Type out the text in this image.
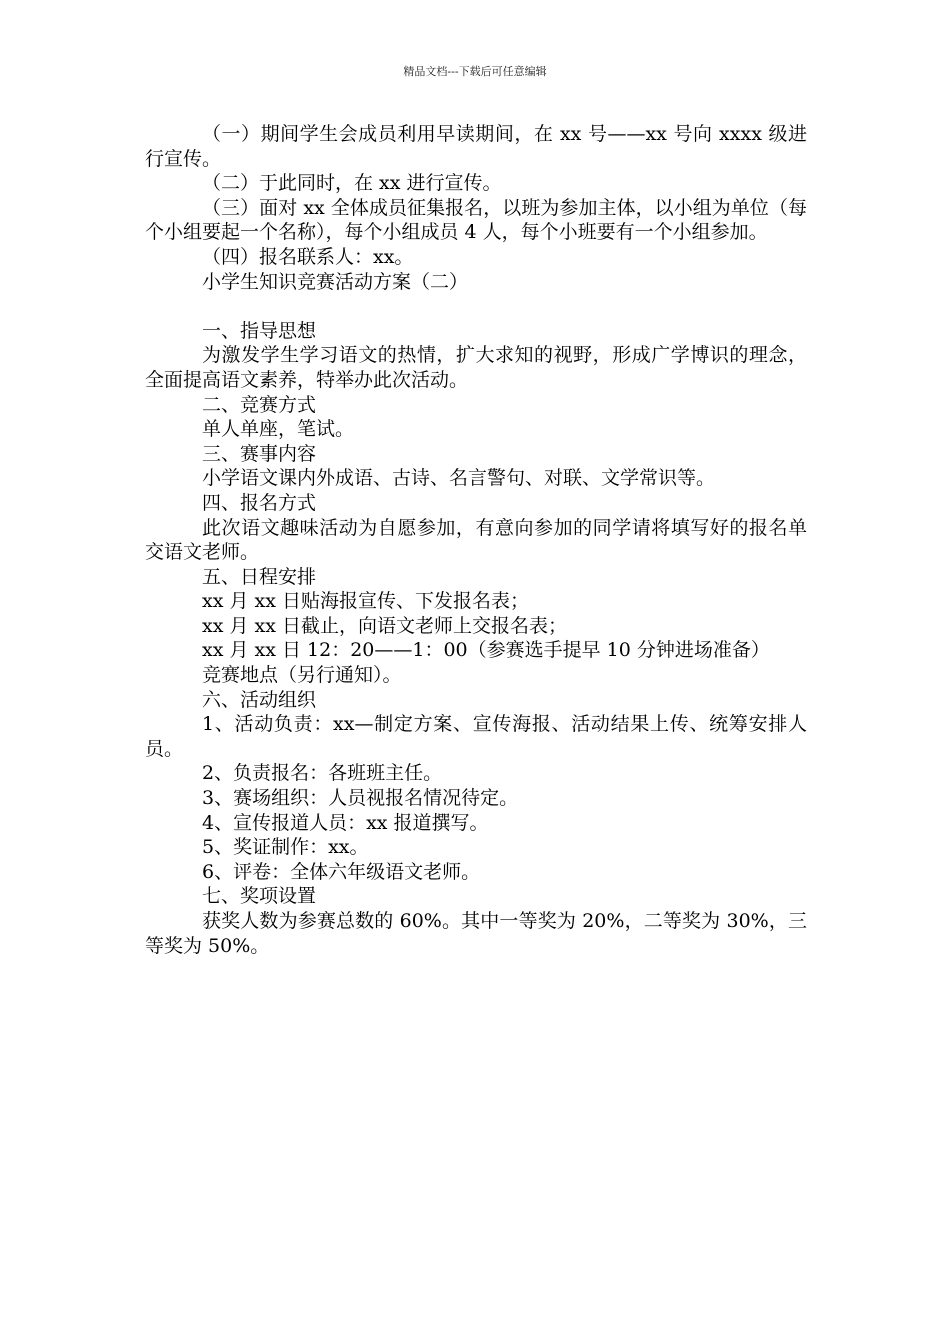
精品文档---下载后可任意编辑

（一）期间学生会成员利用早读期间，在 xx 号——xx 号向 xxxx 级进行宣传。

（二）于此同时，在 xx 进行宣传。

（三）面对 xx 全体成员征集报名，以班为参加主体，以小组为单位（每个小组要起一个名称），每个小组成员 4 人，每个小班要有一个小组参加。

（四）报名联系人：xx。

小学生知识竞赛活动方案（二）

一、指导思想

为激发学生学习语文的热情，扩大求知的视野，形成广学博识的理念，全面提高语文素养，特举办此次活动。

二、竞赛方式

单人单座，笔试。

三、赛事内容

小学语文课内外成语、古诗、名言警句、对联、文学常识等。

四、报名方式

此次语文趣味活动为自愿参加，有意向参加的同学请将填写好的报名单交语文老师。

五、日程安排

xx 月 xx 日贴海报宣传、下发报名表；

xx 月 xx 日截止，向语文老师上交报名表；

xx 月 xx 日 12：20——1：00（参赛选手提早 10 分钟进场准备）

竞赛地点（另行通知）。

六、活动组织

1、活动负责：xx—制定方案、宣传海报、活动结果上传、统筹安排人员。

2、负责报名：各班班主任。

3、赛场组织：人员视报名情况待定。

4、宣传报道人员：xx 报道撰写。

5、奖证制作：xx。

6、评卷：全体六年级语文老师。

七、奖项设置

获奖人数为参赛总数的 60%。其中一等奖为 20%，二等奖为 30%，三等奖为 50%。
